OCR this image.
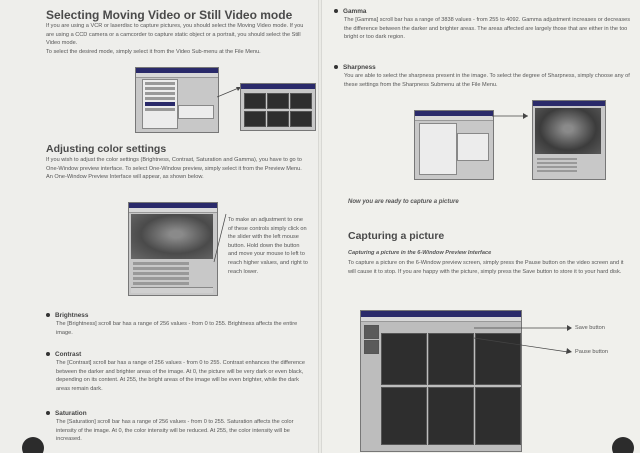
Selecting Moving Video or Still Video mode

If you are using a VCR or laserdisc to capture pictures, you should select the Moving Video mode. If you are using a CCD camera or a camcorder to capture static object or a portrait, you should select the Still Video mode.

To select the desired mode, simply select it from the Video Sub-menu at the File Menu.

Adjusting color settings

If you wish to adjust the color settings (Brightness, Contrast, Saturation and Gamma), you have to go to One-Window preview interface. To select One-Window preview, simply select it from the Preview Menu. An One-Window Preview Interface will appear, as shown below.

To make an adjustment to one of these controls simply click on the slider with the left mouse button. Hold down the button and move your mouse to left to reach higher values, and right to reach lower.

Brightness

The [Brightness] scroll bar has a range of 256 values - from 0 to 255. Brightness affects the entire image.

Contrast

The [Contrast] scroll bar has a range of 256 values - from 0 to 255. Contrast enhances the difference between the darker and brighter areas of the image. At 0, the picture will be very dark or even black, depending on its content. At 255, the bright areas of the image will be even brighter, while the dark areas remain dark.

Saturation

The [Saturation] scroll bar has a range of 256 values - from 0 to 255. Saturation affects the color intensity of the image. At 0, the color intensity will be reduced. At 255, the color intensity will be increased.

Gamma

The [Gamma] scroll bar has a range of 3838 values - from 255 to 4092. Gamma adjustment increases or decreases the difference between the darker and brighter areas. The areas affected are largely those that are either in the too bright or too dark region.

Sharpness

You are able to select the sharpness present in the image. To select the degree of Sharpness, simply choose any of these settings from the Sharpness Submenu at the File Menu.

Now you are ready to capture a picture

Capturing a picture

Capturing a picture in the 6-Window Preview Interface

To capture a picture on the 6-Window preview screen, simply press the Pause button on the video screen and it will cause it to stop. If you are happy with the picture, simply press the Save button to store it to your hard disk.

Save button
Pause button
